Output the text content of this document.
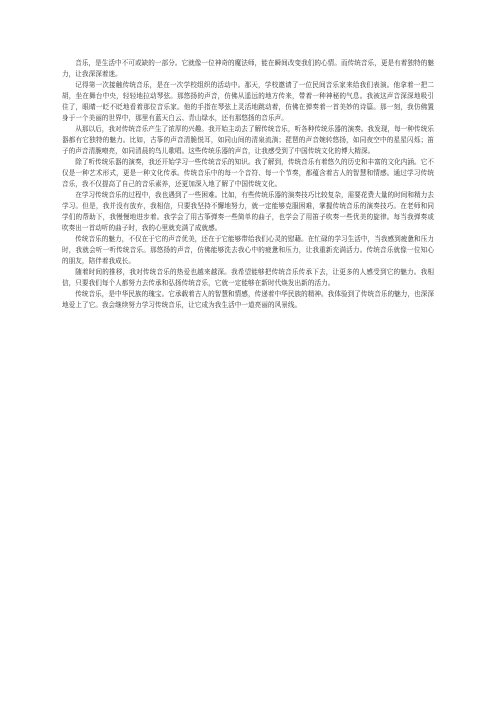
音乐，是生活中不可或缺的一部分。它就像一位神奇的魔法师，能在瞬间改变我们的心情。而传统音乐，更是有着独特的魅力，让我深深着迷。

记得第一次接触传统音乐，是在一次学校组织的活动中。那天，学校邀请了一位民间音乐家来给我们表演。他拿着一把二胡，坐在舞台中央，轻轻地拉动琴弦。那悠扬的声音，仿佛从遥远的地方传来，带着一种神秘的气息。我被这声音深深地吸引住了，眼睛一眨不眨地看着那位音乐家。他的手指在琴弦上灵活地跳动着，仿佛在弹奏着一首美妙的诗篇。那一刻，我仿佛置身于一个美丽的世界中，那里有蓝天白云、青山绿水，还有那悠扬的音乐声。

从那以后，我对传统音乐产生了浓厚的兴趣。我开始主动去了解传统音乐，听各种传统乐器的演奏。我发现，每一种传统乐器都有它独特的魅力。比如，古筝的声音清脆悦耳，如同山间的清泉流淌；琵琶的声音婉转悠扬，如同夜空中的星星闪烁；笛子的声音清脆嘹亮，如同清晨的鸟儿歌唱。这些传统乐器的声音，让我感受到了中国传统文化的博大精深。

除了听传统乐器的演奏，我还开始学习一些传统音乐的知识。我了解到，传统音乐有着悠久的历史和丰富的文化内涵。它不仅是一种艺术形式，更是一种文化传承。传统音乐中的每一个音符、每一个节奏，都蕴含着古人的智慧和情感。通过学习传统音乐，我不仅提高了自己的音乐素养，还更加深入地了解了中国传统文化。

在学习传统音乐的过程中，我也遇到了一些困难。比如，有些传统乐器的演奏技巧比较复杂，需要花费大量的时间和精力去学习。但是，我并没有放弃，我相信，只要我坚持不懈地努力，就一定能够克服困难，掌握传统音乐的演奏技巧。在老师和同学们的帮助下，我慢慢地进步着。我学会了用古筝弹奏一些简单的曲子，也学会了用笛子吹奏一些优美的旋律。每当我弹奏或吹奏出一首动听的曲子时，我的心里就充满了成就感。

传统音乐的魅力，不仅在于它的声音优美，还在于它能够带给我们心灵的慰藉。在忙碌的学习生活中，当我感到疲惫和压力时，我就会听一听传统音乐。那悠扬的声音，仿佛能够洗去我心中的疲惫和压力，让我重新充满活力。传统音乐就像一位知心的朋友，陪伴着我成长。

随着时间的推移，我对传统音乐的热爱也越来越深。我希望能够把传统音乐传承下去，让更多的人感受到它的魅力。我相信，只要我们每个人都努力去传承和弘扬传统音乐，它就一定能够在新时代焕发出新的活力。

传统音乐，是中华民族的瑰宝。它承载着古人的智慧和情感，传递着中华民族的精神。我体验到了传统音乐的魅力，也深深地爱上了它。我会继续努力学习传统音乐，让它成为我生活中一道亮丽的风景线。
